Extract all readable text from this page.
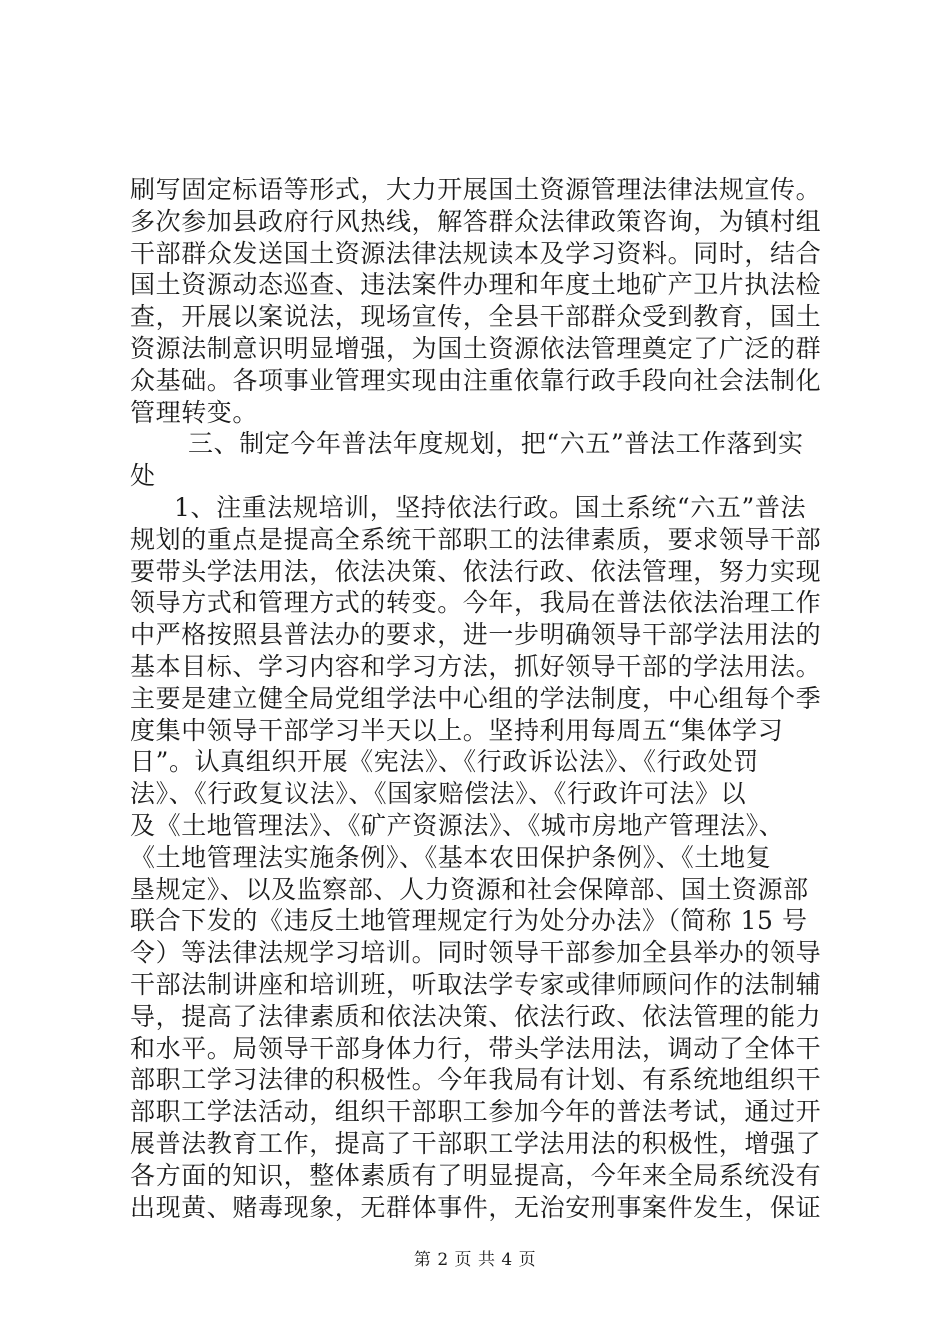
刷写固定标语等形式，大力开展国土资源管理法律法规宣传。
多次参加县政府行风热线，解答群众法律政策咨询，为镇村组
干部群众发送国土资源法律法规读本及学习资料。同时，结合
国土资源动态巡查、违法案件办理和年度土地矿产卫片执法检
查，开展以案说法，现场宣传，全县干部群众受到教育，国土
资源法制意识明显增强，为国土资源依法管理奠定了广泛的群
众基础。各项事业管理实现由注重依靠行政手段向社会法制化
管理转变。
三、制定今年普法年度规划，把“六五”普法工作落到实
处
1、注重法规培训，坚持依法行政。国土系统“六五”普法
规划的重点是提高全系统干部职工的法律素质，要求领导干部
要带头学法用法，依法决策、依法行政、依法管理，努力实现
领导方式和管理方式的转变。今年，我局在普法依法治理工作
中严格按照县普法办的要求，进一步明确领导干部学法用法的
基本目标、学习内容和学习方法，抓好领导干部的学法用法。
主要是建立健全局党组学法中心组的学法制度，中心组每个季
度集中领导干部学习半天以上。坚持利用每周五“集体学习
日”。认真组织开展《宪法》、《行政诉讼法》、《行政处罚
法》、《行政复议法》、《国家赔偿法》、《行政许可法》以
及《土地管理法》、《矿产资源法》、《城市房地产管理法》、
《土地管理法实施条例》、《基本农田保护条例》、《土地复
垦规定》、以及监察部、人力资源和社会保障部、国土资源部
联合下发的《违反土地管理规定行为处分办法》（简称 15 号
令）等法律法规学习培训。同时领导干部参加全县举办的领导
干部法制讲座和培训班，听取法学专家或律师顾问作的法制辅
导，提高了法律素质和依法决策、依法行政、依法管理的能力
和水平。局领导干部身体力行，带头学法用法，调动了全体干
部职工学习法律的积极性。今年我局有计划、有系统地组织干
部职工学法活动，组织干部职工参加今年的普法考试，通过开
展普法教育工作，提高了干部职工学法用法的积极性，增强了
各方面的知识，整体素质有了明显提高，今年来全局系统没有
出现黄、赌毒现象，无群体事件，无治安刑事案件发生，保证
第 2 页 共 4 页
